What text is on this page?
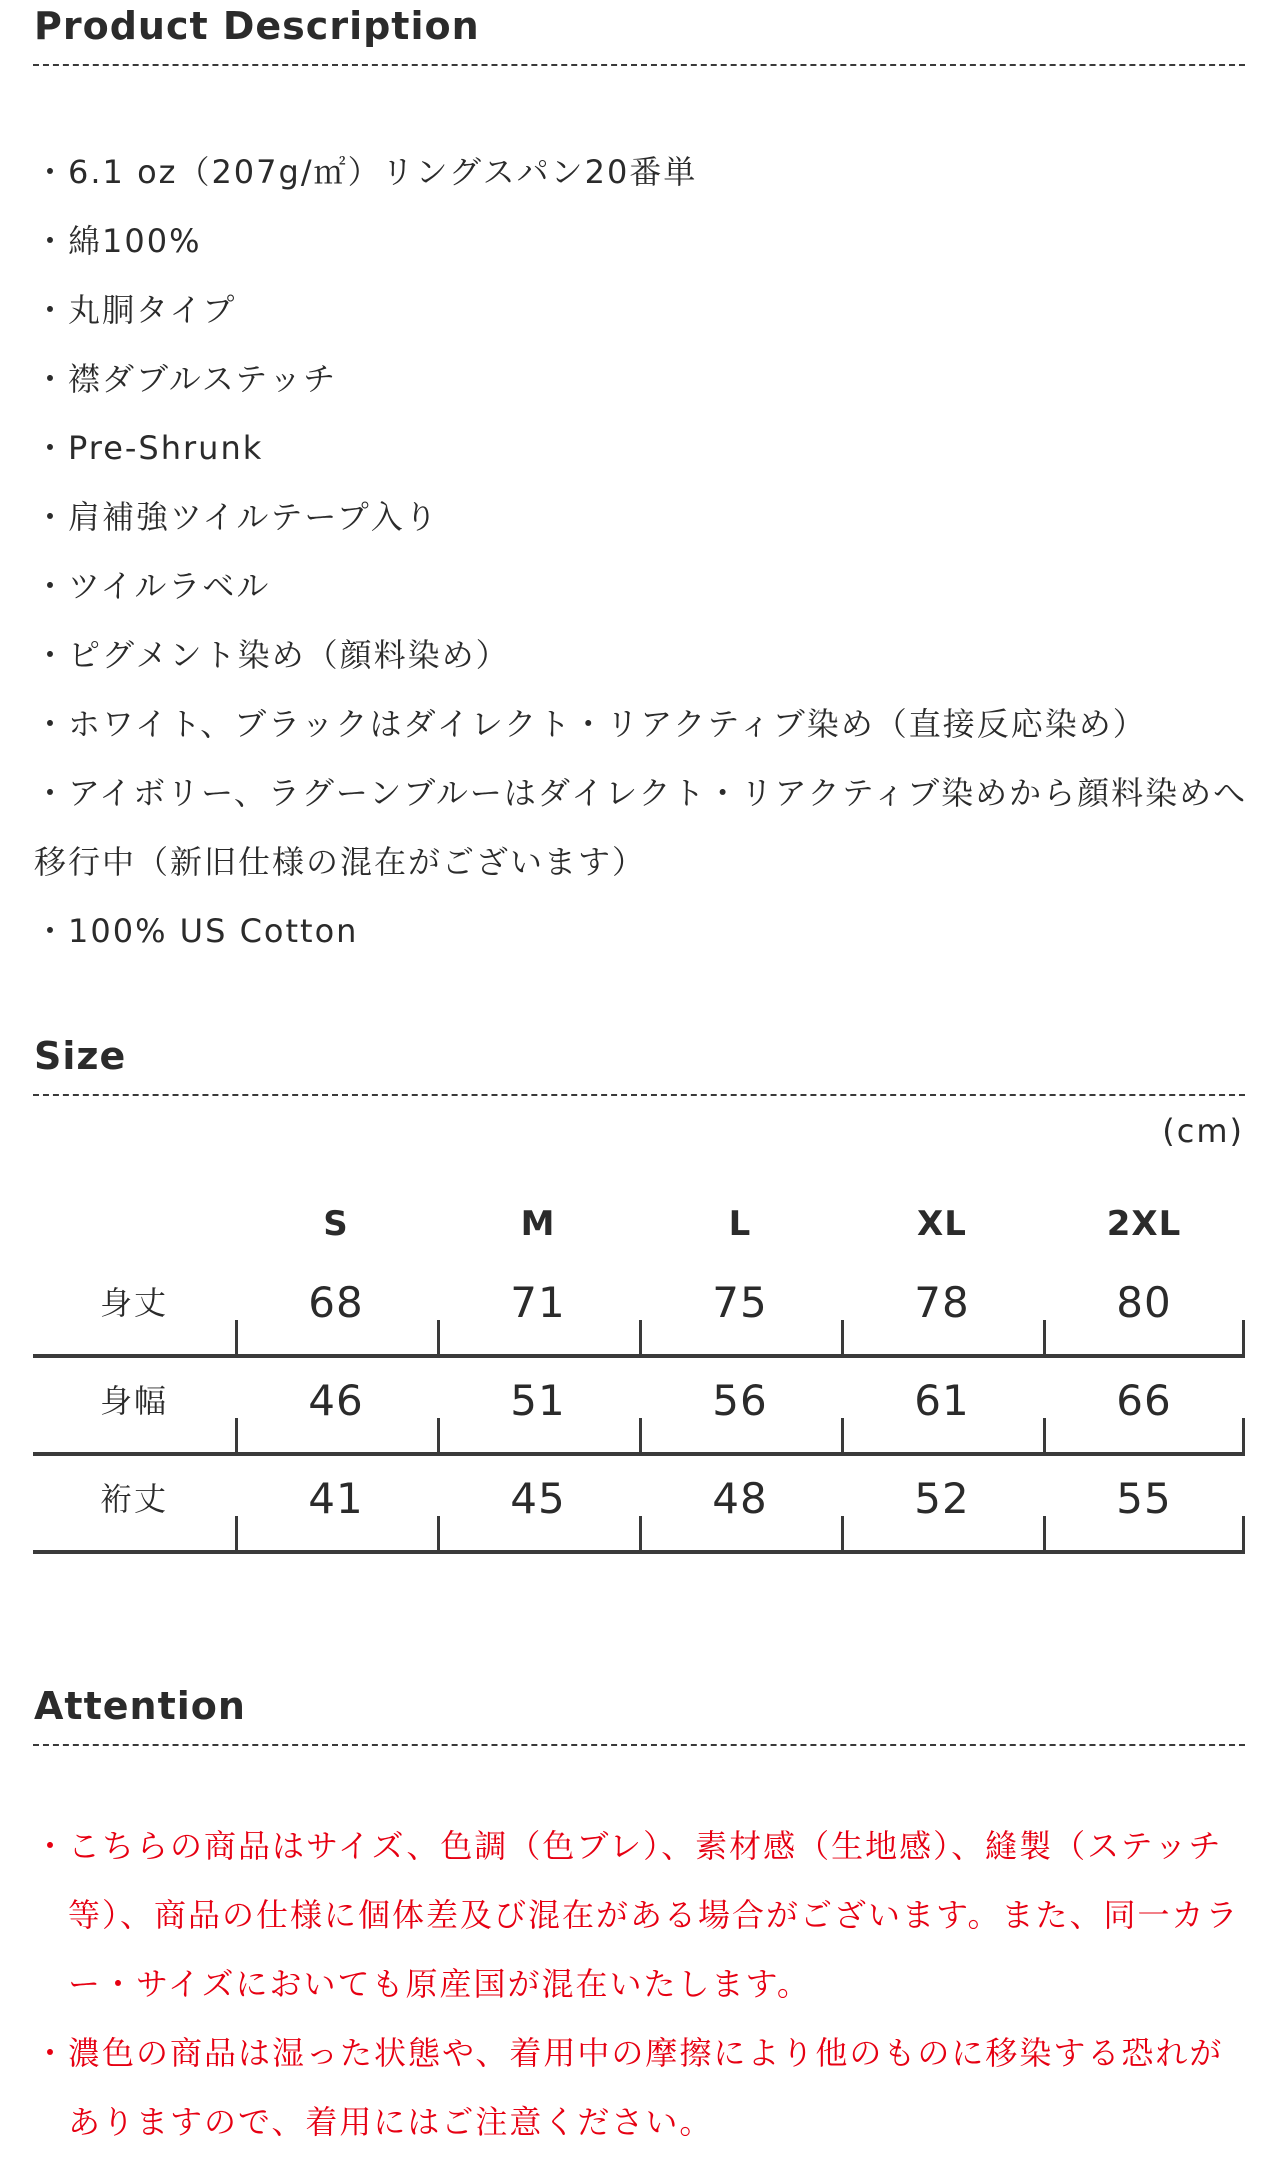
Product Description
・6.1 oz（207g/㎡）リングスパン20番単
・綿100%
・丸胴タイプ
・襟ダブルステッチ
・Pre-Shrunk
・肩補強ツイルテープ入り
・ツイルラベル
・ピグメント染め（顔料染め）
・ホワイト、ブラックはダイレクト・リアクティブ染め（直接反応染め）
・アイボリー、ラグーンブルーはダイレクト・リアクティブ染めから顔料染めへ移行中（新旧仕様の混在がございます）
・100% US Cotton
Size
(cm)
S	M	L	XL	2XL
身丈	68	71	75	78	80
身幅	46	51	56	61	66
裄丈	41	45	48	52	55
Attention
・こちらの商品はサイズ、色調（色ブレ）、素材感（生地感）、縫製（ステッチ等）、商品の仕様に個体差及び混在がある場合がございます。また、同一カラー・サイズにおいても原産国が混在いたします。
・濃色の商品は湿った状態や、着用中の摩擦により他のものに移染する恐れがありますので、着用にはご注意ください。
